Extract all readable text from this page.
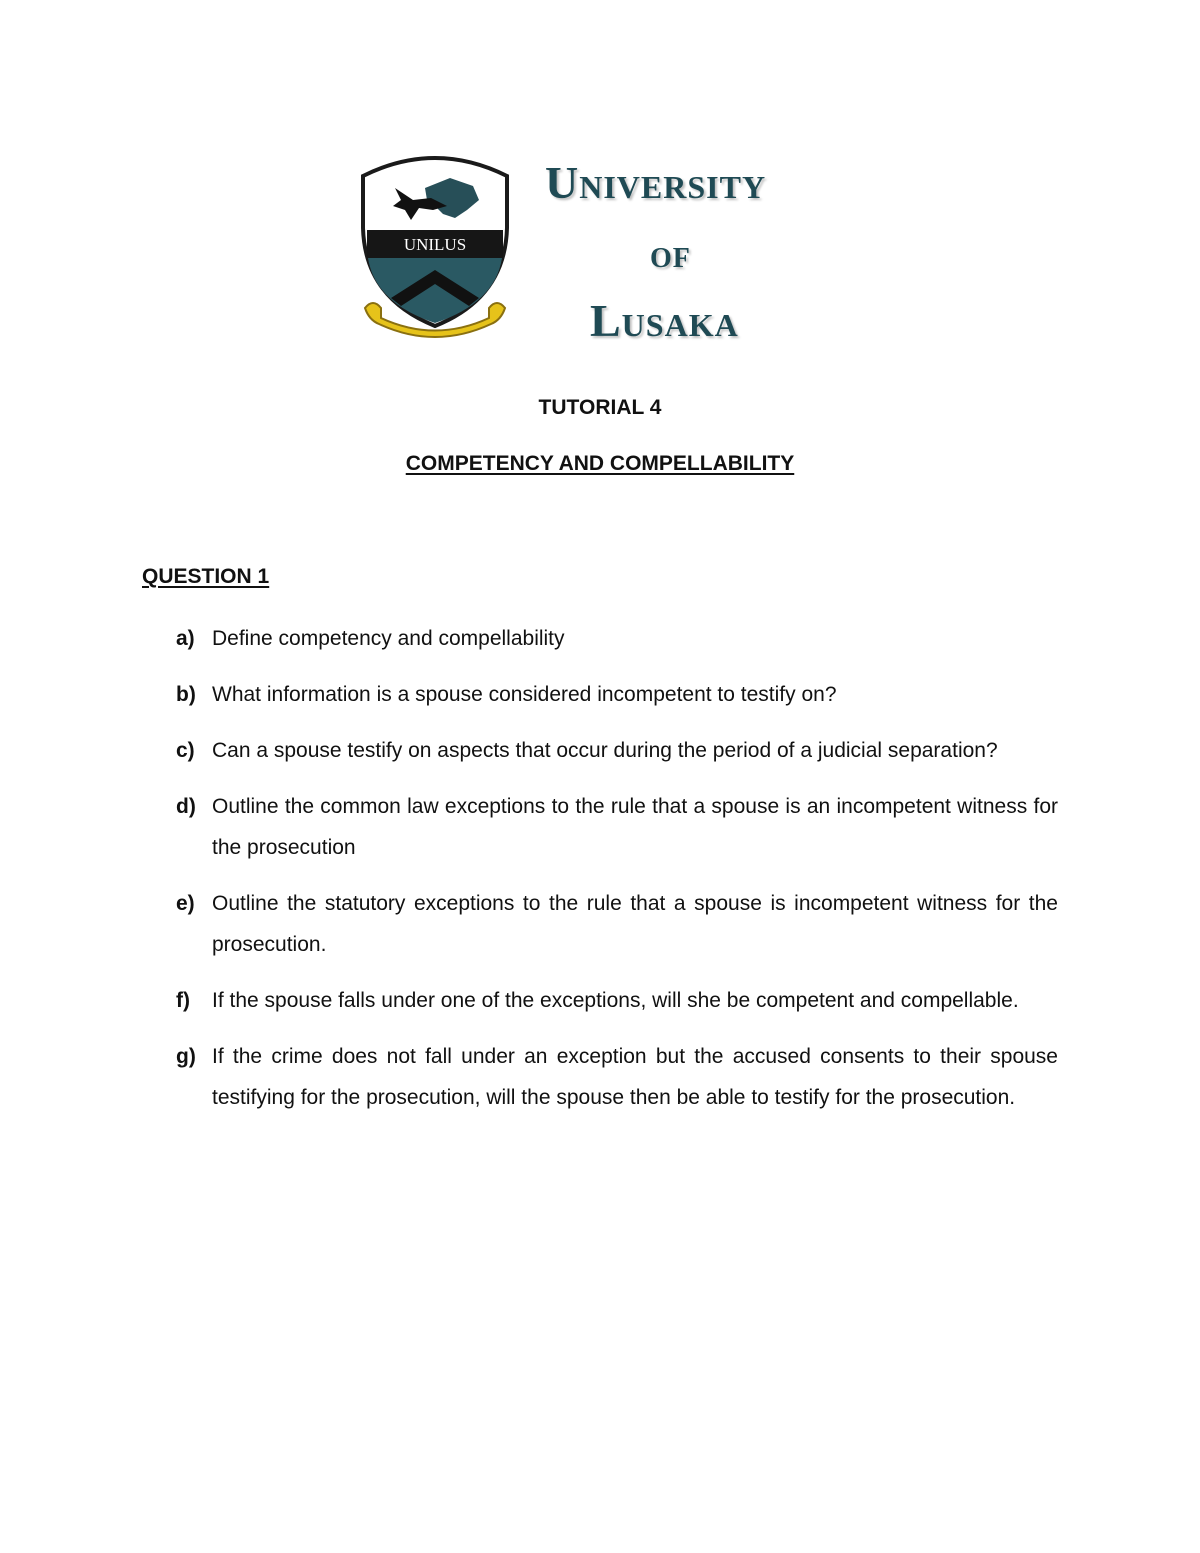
UNILUS
University
of
Lusaka
TUTORIAL 4
COMPETENCY AND COMPELLABILITY
QUESTION 1
a) Define competency and compellability
b) What information is a spouse considered incompetent to testify on?
c) Can a spouse testify on aspects that occur during the period of a judicial separation?
d) Outline the common law exceptions to the rule that a spouse is an incompetent witness for the prosecution
e) Outline the statutory exceptions to the rule that a spouse is incompetent witness for the prosecution.
f) If the spouse falls under one of the exceptions, will she be competent and compellable.
g) If the crime does not fall under an exception but the accused consents to their spouse testifying for the prosecution, will the spouse then be able to testify for the prosecution.
